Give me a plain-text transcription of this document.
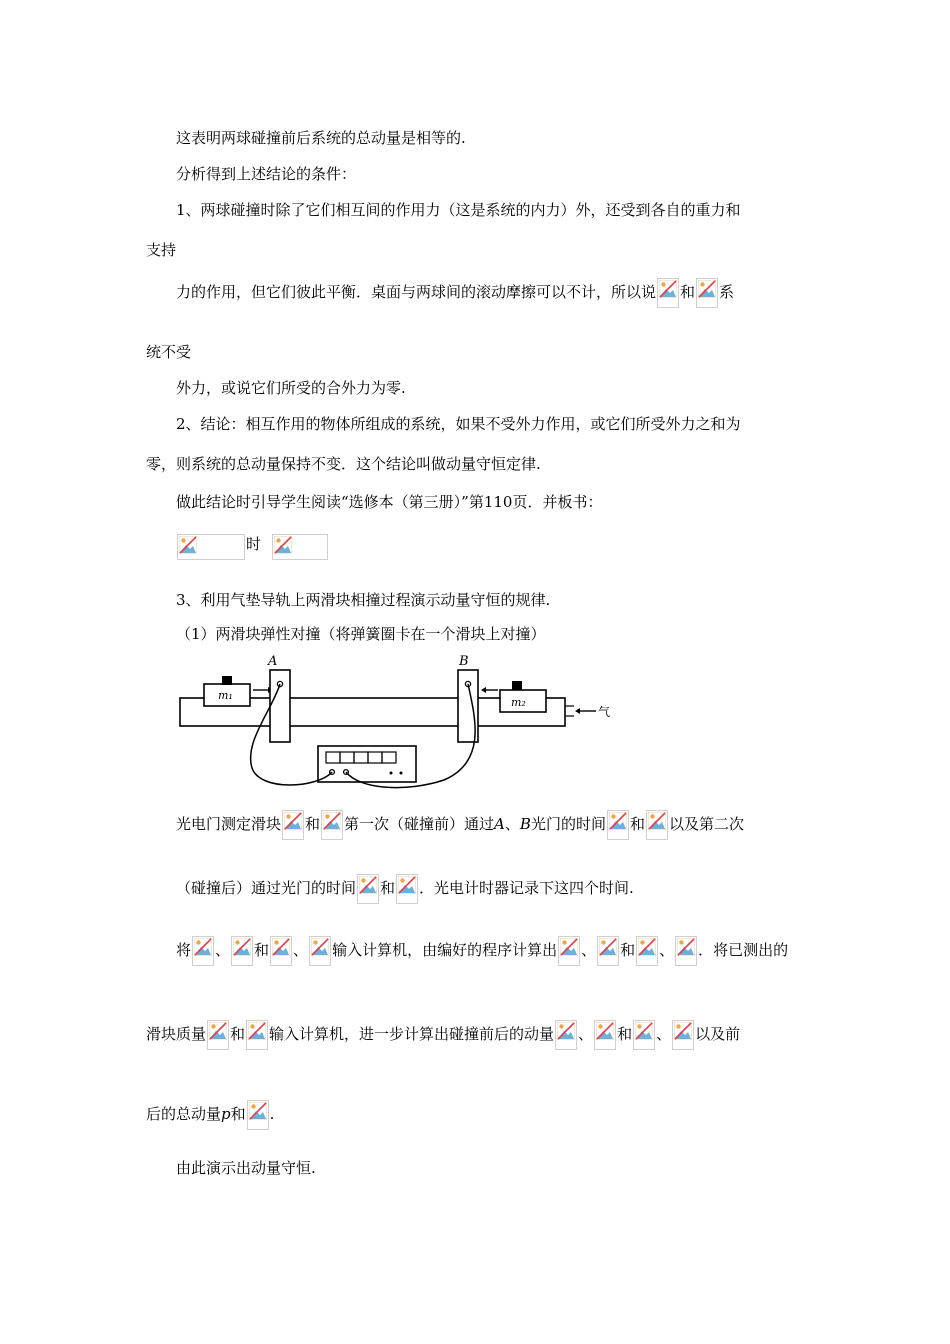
这表明两球碰撞前后系统的总动量是相等的.
分析得到上述结论的条件：
1、两球碰撞时除了它们相互间的作用力（这是系统的内力）外，还受到各自的重力和
支持
力的作用，但它们彼此平衡．桌面与两球间的滚动摩擦可以不计，所以说 和 系
统不受
外力，或说它们所受的合外力为零.
2、结论：相互作用的物体所组成的系统，如果不受外力作用，或它们所受外力之和为
零，则系统的总动量保持不变．这个结论叫做动量守恒定律.
做此结论时引导学生阅读“选修本（第三册）”第110页．并板书：
时
3、利用气垫导轨上两滑块相撞过程演示动量守恒的规律.
（1）两滑块弹性对撞（将弹簧圈卡在一个滑块上对撞）
m₁
A	B
m₂
气
光电门测定滑块 和 第一次（碰撞前）通过A、B光门的时间 和 以及第二次
（碰撞后）通过光门的时间 和 ．光电计时器记录下这四个时间.
将 、 和 、 输入计算机，由编好的程序计算出 、 和 、 ．将已测出的
滑块质量 和 输入计算机，进一步计算出碰撞前后的动量 、 和 、 以及前
后的总动量p和 .
由此演示出动量守恒.
